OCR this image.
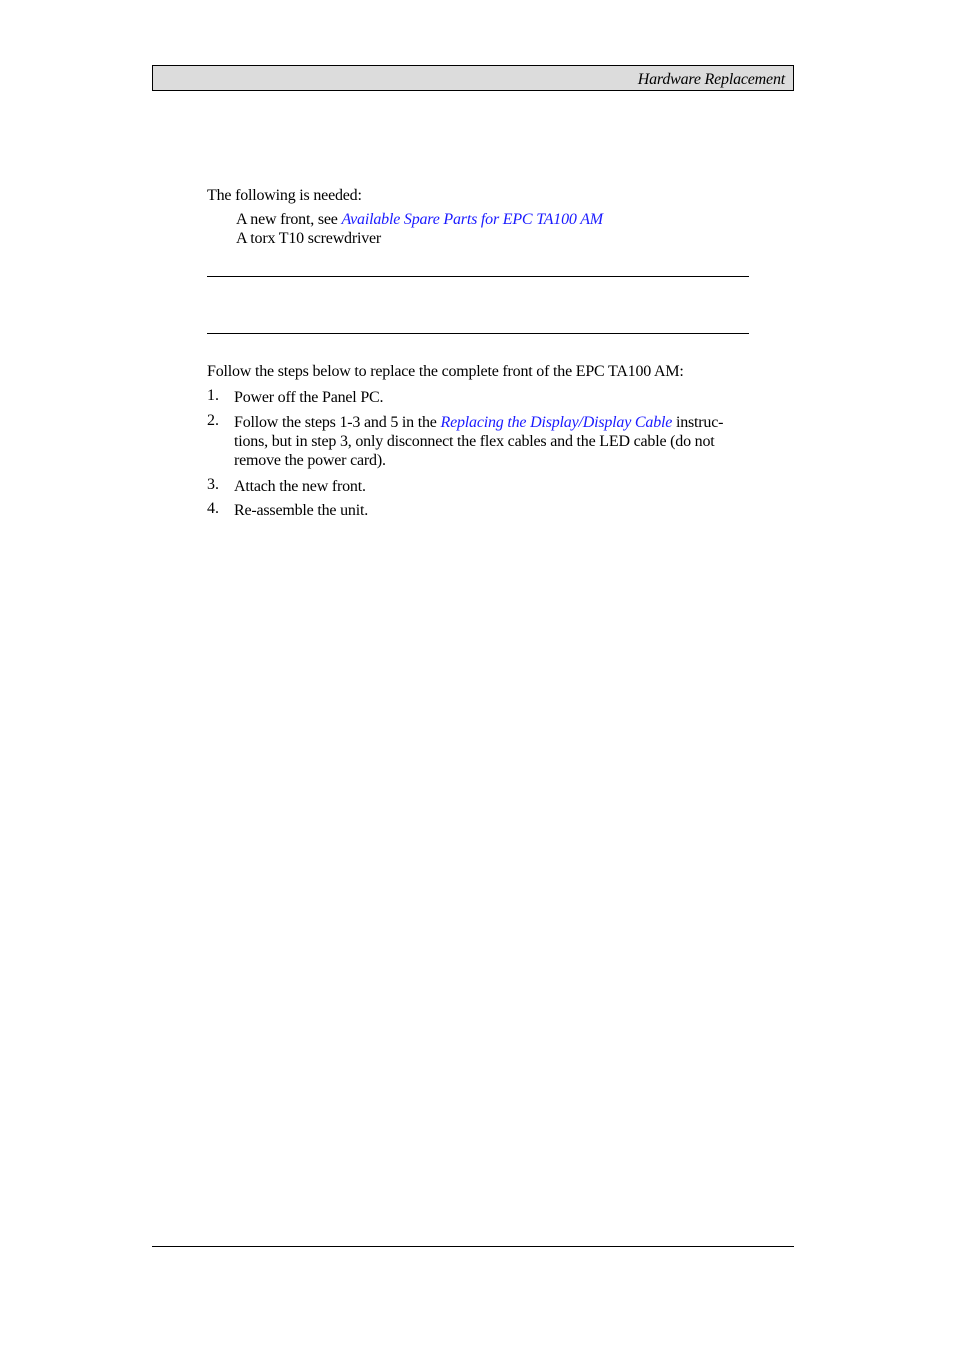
Hardware Replacement
The following is needed:
A new front, see Available Spare Parts for EPC TA100 AM
A torx T10 screwdriver
Follow the steps below to replace the complete front of the EPC TA100 AM:
1. Power off the Panel PC.
2. Follow the steps 1-3 and 5 in the Replacing the Display/Display Cable instruc-
tions, but in step 3, only disconnect the flex cables and the LED cable (do not
remove the power card).
3. Attach the new front.
4. Re-assemble the unit.
